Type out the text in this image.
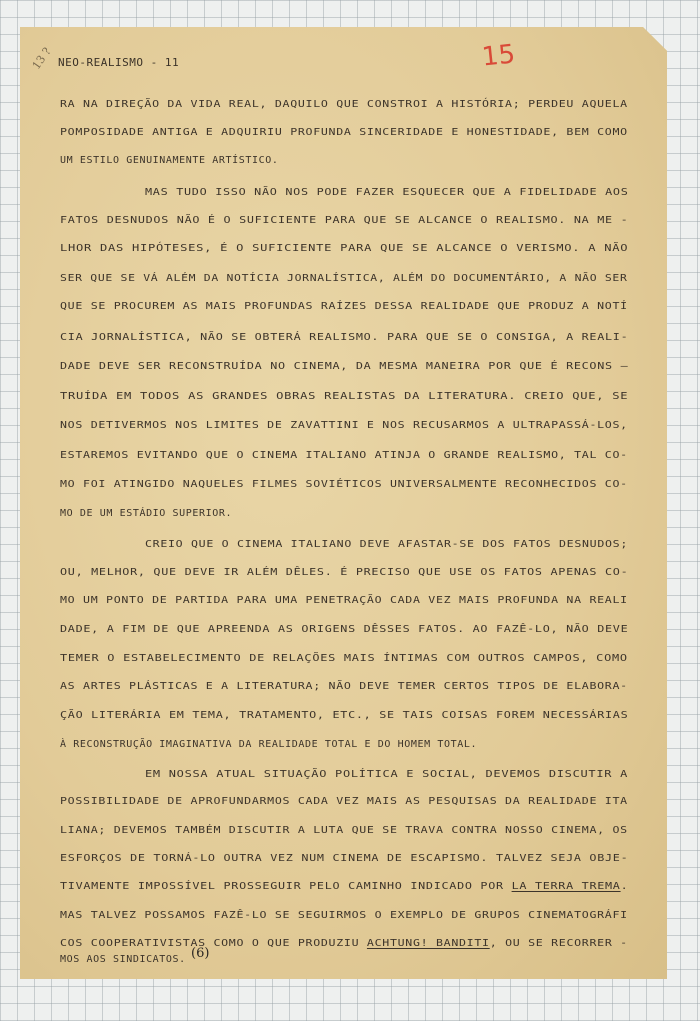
13 ? NEO-REALISMO - 11	15
RA NA DIREÇÃO DA VIDA REAL, DAQUILO QUE CONSTROI A HISTÓRIA; PERDEU AQUELA
POMPOSIDADE ANTIGA E ADQUIRIU PROFUNDA SINCERIDADE E HONESTIDADE, BEM COMO
UM ESTILO GENUINAMENTE ARTÍSTICO.
MAS TUDO ISSO NÃO NOS PODE FAZER ESQUECER QUE A FIDELIDADE AOS
FATOS DESNUDOS NÃO É O SUFICIENTE PARA QUE SE ALCANCE O REALISMO. NA ME -
LHOR DAS HIPÓTESES, É O SUFICIENTE PARA QUE SE ALCANCE O VERISMO. A NÃO
SER QUE SE VÁ ALÉM DA NOTÍCIA JORNALÍSTICA, ALÉM DO DOCUMENTÁRIO, A NÃO SER
QUE SE PROCUREM AS MAIS PROFUNDAS RAÍZES DESSA REALIDADE QUE PRODUZ A NOTÍ
CIA JORNALÍSTICA, NÃO SE OBTERÁ REALISMO. PARA QUE SE O CONSIGA, A REALI-
DADE DEVE SER RECONSTRUÍDA NO CINEMA, DA MESMA MANEIRA POR QUE É RECONS —
TRUÍDA EM TODOS AS GRANDES OBRAS REALISTAS DA LITERATURA. CREIO QUE, SE
NOS DETIVERMOS NOS LIMITES DE ZAVATTINI E NOS RECUSARMOS A ULTRAPASSÁ-LOS,
ESTAREMOS EVITANDO QUE O CINEMA ITALIANO ATINJA O GRANDE REALISMO, TAL CO-
MO FOI ATINGIDO NAQUELES FILMES SOVIÉTICOS UNIVERSALMENTE RECONHECIDOS CO-
MO DE UM ESTÁDIO SUPERIOR.
CREIO QUE O CINEMA ITALIANO DEVE AFASTAR-SE DOS FATOS DESNUDOS;
OU, MELHOR, QUE DEVE IR ALÉM DÊLES. É PRECISO QUE USE OS FATOS APENAS CO-
MO UM PONTO DE PARTIDA PARA UMA PENETRAÇÃO CADA VEZ MAIS PROFUNDA NA REALI
DADE, A FIM DE QUE APREENDA AS ORIGENS DÊSSES FATOS. AO FAZÊ-LO, NÃO DEVE
TEMER O ESTABELECIMENTO DE RELAÇÕES MAIS ÍNTIMAS COM OUTROS CAMPOS, COMO
AS ARTES PLÁSTICAS E A LITERATURA; NÃO DEVE TEMER CERTOS TIPOS DE ELABORA-
ÇÃO LITERÁRIA EM TEMA, TRATAMENTO, ETC., SE TAIS COISAS FOREM NECESSÁRIAS
À RECONSTRUÇÃO IMAGINATIVA DA REALIDADE TOTAL E DO HOMEM TOTAL.
EM NOSSA ATUAL SITUAÇÃO POLÍTICA E SOCIAL, DEVEMOS DISCUTIR A
POSSIBILIDADE DE APROFUNDARMOS CADA VEZ MAIS AS PESQUISAS DA REALIDADE ITA
LIANA; DEVEMOS TAMBÉM DISCUTIR A LUTA QUE SE TRAVA CONTRA NOSSO CINEMA, OS
ESFORÇOS DE TORNÁ-LO OUTRA VEZ NUM CINEMA DE ESCAPISMO. TALVEZ SEJA OBJE-
TIVAMENTE IMPOSSÍVEL PROSSEGUIR PELO CAMINHO INDICADO POR LA TERRA TREMA.
MAS TALVEZ POSSAMOS FAZÊ-LO SE SEGUIRMOS O EXEMPLO DE GRUPOS CINEMATOGRÁFI
COS COOPERATIVISTAS COMO O QUE PRODUZIU ACHTUNG! BANDITI, OU SE RECORRER -
MOS AOS SINDICATOS. (6)
